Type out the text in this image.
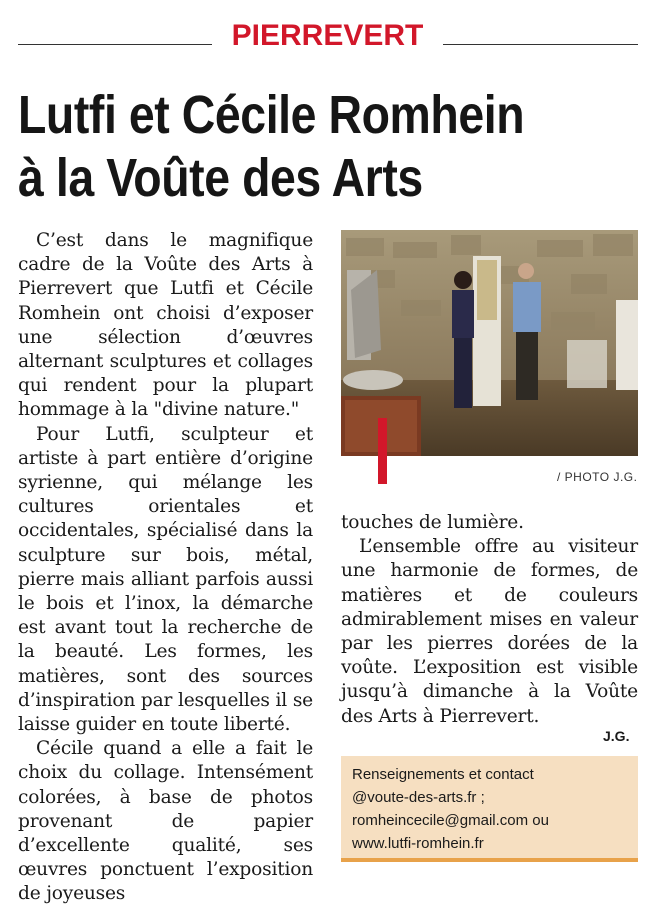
PIERREVERT
Lutfi et Cécile Romhein
à la Voûte des Arts

C’est dans le magnifique cadre de la Voûte des Arts à Pierrevert que Lutfi et Cécile Romhein ont choisi d’exposer une sélection d’œuvres alternant sculptures et collages qui rendent pour la plupart hommage à la "divine nature."

Pour Lutfi, sculpteur et artiste à part entière d’origine syrienne, qui mélange les cultures orientales et occidentales, spécialisé dans la sculpture sur bois, métal, pierre mais alliant parfois aussi le bois et l’inox, la démarche est avant tout la recherche de la beauté. Les formes, les matières, sont des sources d’inspiration par lesquelles il se laisse guider en toute liberté.

Cécile quand a elle a fait le choix du collage. Intensément colorées, à base de photos provenant de papier d’excellente qualité, ses œuvres ponctuent l’exposition de joyeuses

/ PHOTO J.G.

touches de lumière.

L’ensemble offre au visiteur une harmonie de formes, de matières et de couleurs admirablement mises en valeur par les pierres dorées de la voûte. L’exposition est visible jusqu’à dimanche à la Voûte des Arts à Pierrevert.

J.G.
Renseignements et contact
@voute-des-arts.fr ;
romheincecile@gmail.com ou
www.lutfi-romhein.fr
